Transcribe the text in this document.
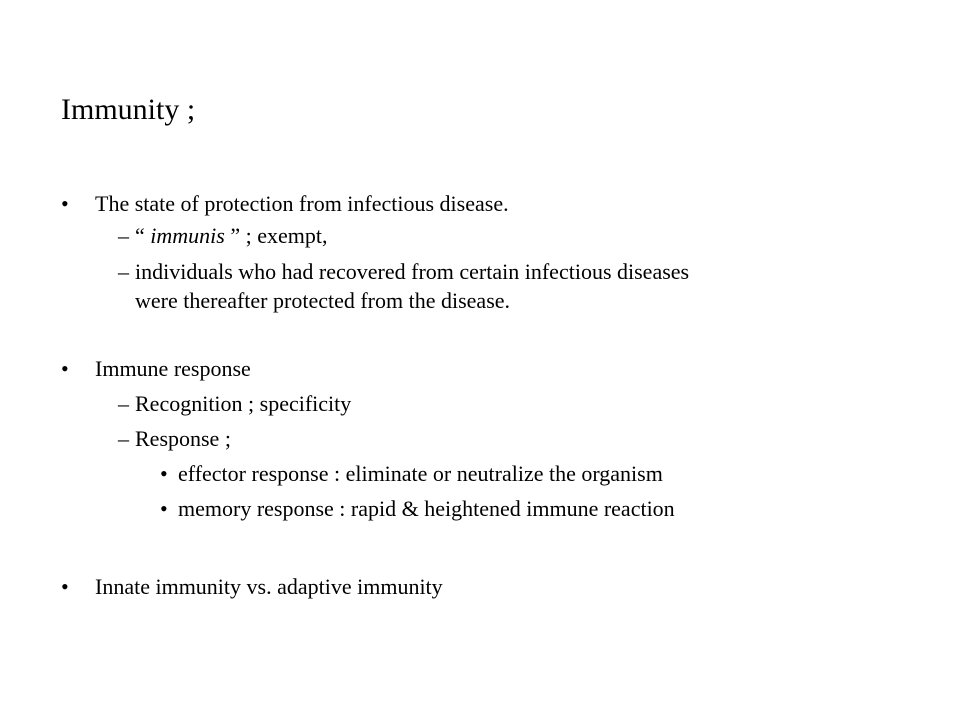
Immunity ;
• The state of protection from infectious disease.
– “ immunis ” ; exempt,
– individuals who had recovered from certain infectious diseases
were thereafter protected from the disease.
• Immune response
– Recognition ; specificity
– Response ;
• effector response : eliminate or neutralize the organism
• memory response : rapid & heightened immune reaction
• Innate immunity vs. adaptive immunity
